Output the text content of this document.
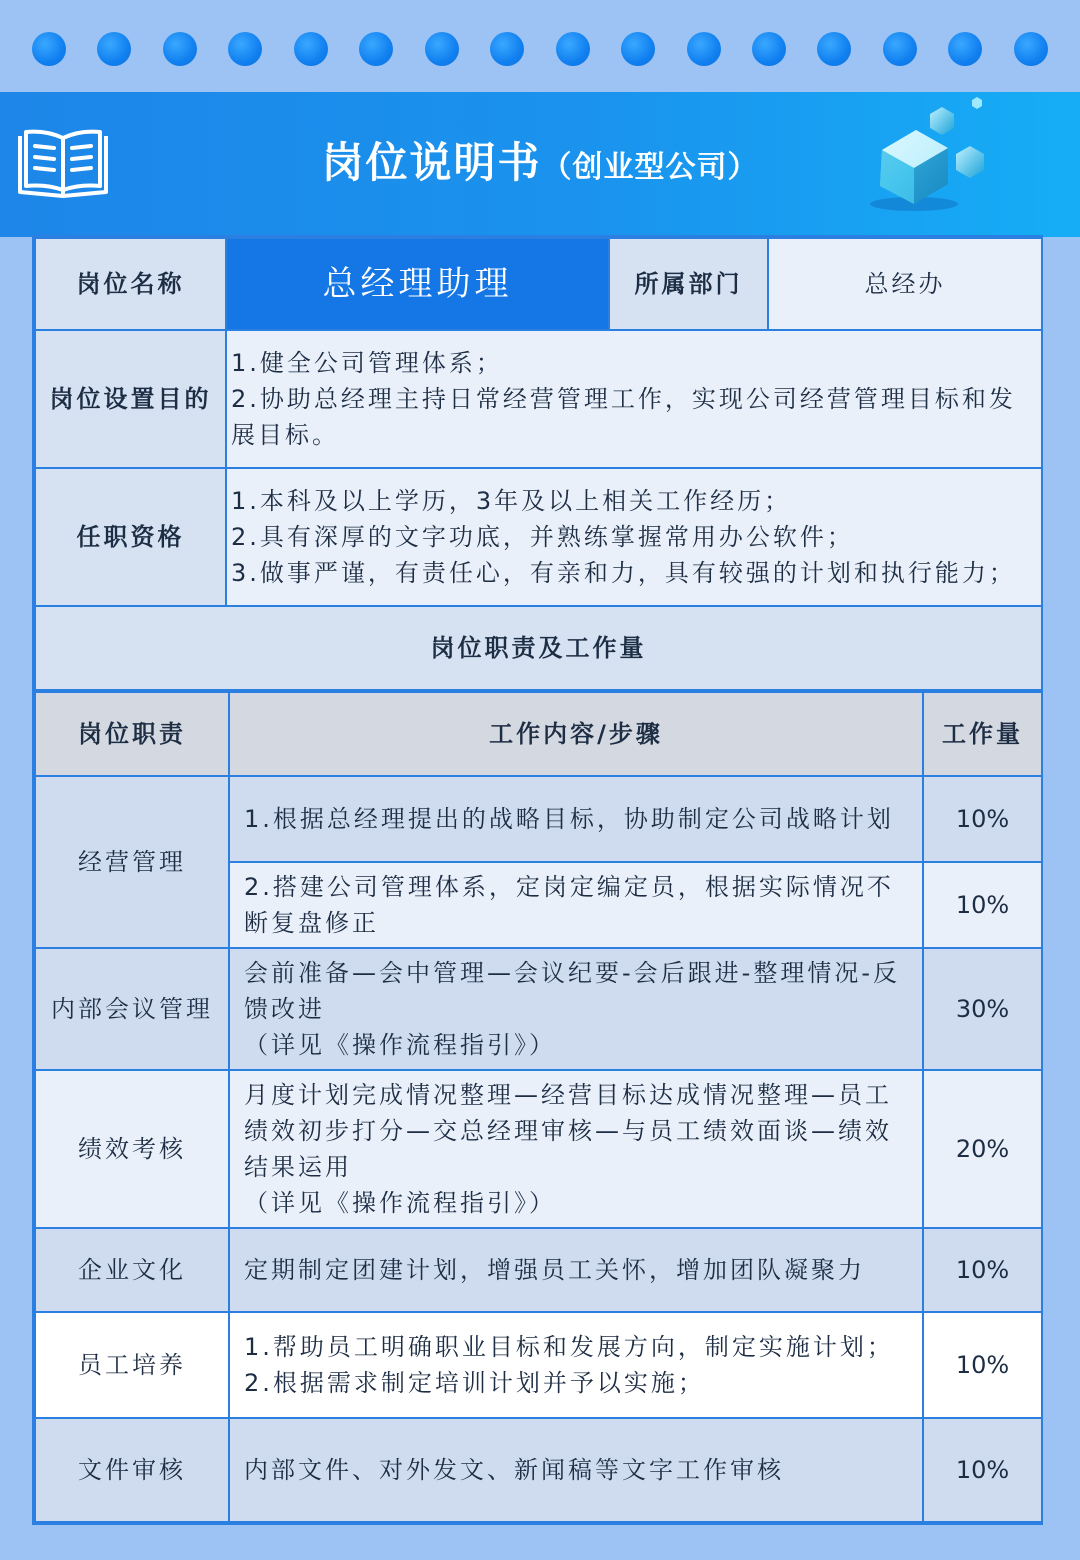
岗位说明书（创业型公司）
岗位名称	总经理助理	所属部门	总经办
岗位设置目的	1.健全公司管理体系；
2.协助总经理主持日常经营管理工作，实现公司经营管理目标和发展目标。		

任职资格	1.本科及以上学历，3年及以上相关工作经历；
2.具有深厚的文字功底，并熟练掌握常用办公软件；
3.做事严谨，有责任心，有亲和力，具有较强的计划和执行能力；		

岗位职责及工作量			
岗位职责	工作内容/步骤	工作量
经营管理	1.根据总经理提出的战略目标，协助制定公司战略计划	10%
	2.搭建公司管理体系，定岗定编定员，根据实际情况不断复盘修正	10%
内部会议管理	会前准备—会中管理—会议纪要-会后跟进-整理情况-反馈改进
（详见《操作流程指引》）	30%
绩效考核	月度计划完成情况整理—经营目标达成情况整理—员工绩效初步打分—交总经理审核—与员工绩效面谈—绩效结果运用
（详见《操作流程指引》）	20%
企业文化	定期制定团建计划，增强员工关怀，增加团队凝聚力	10%
员工培养	1.帮助员工明确职业目标和发展方向，制定实施计划；
2.根据需求制定培训计划并予以实施；	10%
文件审核	内部文件、对外发文、新闻稿等文字工作审核	10%
